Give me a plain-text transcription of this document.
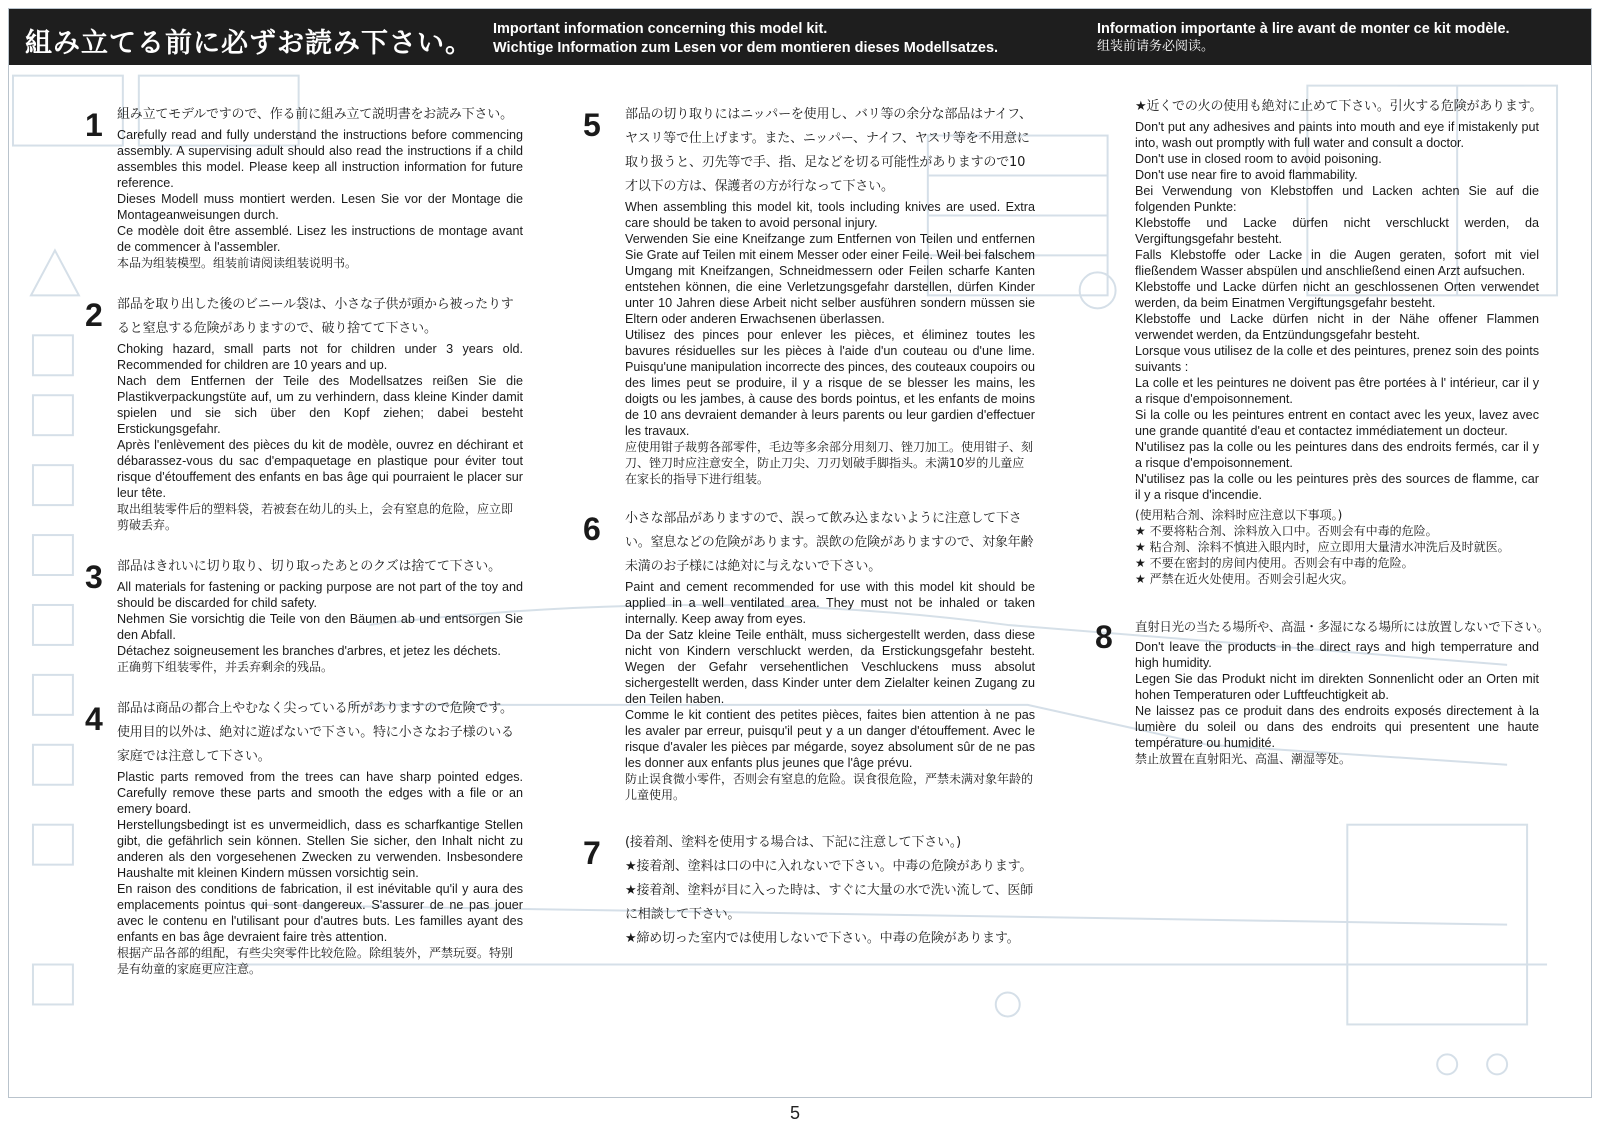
組み立てる前に必ずお読み下さい。 Important information concerning this model kit.
Wichtige Information zum Lesen vor dem montieren dieses Modellsatzes.
Information importante à lire avant de monter ce kit modèle.
组装前请务必阅读。
1 組み立てモデルですので、作る前に組み立て説明書をお読み下さい。

Carefully read and fully understand the instructions before commencing assembly. A supervising adult should also read the instructions if a child assembles this model. Please keep all instruction information for future reference.

Dieses Modell muss montiert werden. Lesen Sie vor der Montage die Montageanweisungen durch.

Ce modèle doit être assemblé. Lisez les instructions de montage avant de commencer à l'assembler.

本品为组装模型。组装前请阅读组装说明书。

2 部品を取り出した後のビニール袋は、小さな子供が頭から被ったりす
ると窒息する危険がありますので、破り捨てて下さい。

Choking hazard, small parts not for children under 3 years old. Recommended for children are 10 years and up.

Nach dem Entfernen der Teile des Modellsatzes reißen Sie die Plastikverpackungstüte auf, um zu verhindern, dass kleine Kinder damit spielen und sie sich über den Kopf ziehen; dabei besteht Erstickungsgefahr.

Après l'enlèvement des pièces du kit de modèle, ouvrez en déchirant et débarassez-vous du sac d'empaquetage en plastique pour éviter tout risque d'étouffement des enfants en bas âge qui pourraient le placer sur leur tête.

取出组装零件后的塑料袋，若被套在幼儿的头上，会有窒息的危险，应立即剪破丢弃。

3 部品はきれいに切り取り、切り取ったあとのクズは捨てて下さい。

All materials for fastening or packing purpose are not part of the toy and should be discarded for child safety.

Nehmen Sie vorsichtig die Teile von den Bäumen ab und entsorgen Sie den Abfall.

Détachez soigneusement les branches d'arbres, et jetez les déchets.

正确剪下组装零件，并丢弃剩余的残品。

4 部品は商品の都合上やむなく尖っている所がありますので危険です。
使用目的以外は、絶対に遊ばないで下さい。特に小さなお子様のいる
家庭では注意して下さい。

Plastic parts removed from the trees can have sharp pointed edges. Carefully remove these parts and smooth the edges with a file or an emery board.

Herstellungsbedingt ist es unvermeidlich, dass es scharfkantige Stellen gibt, die gefährlich sein können. Stellen Sie sicher, den Inhalt nicht zu anderen als den vorgesehenen Zwecken zu verwenden. Insbesondere Haushalte mit kleinen Kindern müssen vorsichtig sein.

En raison des conditions de fabrication, il est inévitable qu'il y aura des emplacements pointus qui sont dangereux. S'assurer de ne pas jouer avec le contenu en l'utilisant pour d'autres buts. Les familles ayant des enfants en bas âge devraient faire très attention.

根据产品各部的组配，有些尖突零件比较危险。除组装外，严禁玩耍。特别是有幼童的家庭更应注意。

5 部品の切り取りにはニッパーを使用し、バリ等の余分な部品はナイフ、
ヤスリ等で仕上げます。また、ニッパー、ナイフ、ヤスリ等を不用意に
取り扱うと、刃先等で手、指、足などを切る可能性がありますので10
才以下の方は、保護者の方が行なって下さい。

When assembling this model kit, tools including knives are used. Extra care should be taken to avoid personal injury.

Verwenden Sie eine Kneifzange zum Entfernen von Teilen und entfernen Sie Grate auf Teilen mit einem Messer oder einer Feile. Weil bei falschem Umgang mit Kneifzangen, Schneidmessern oder Feilen scharfe Kanten entstehen können, die eine Verletzungsgefahr darstellen, dürfen Kinder unter 10 Jahren diese Arbeit nicht selber ausführen sondern müssen sie Eltern oder anderen Erwachsenen überlassen.

Utilisez des pinces pour enlever les pièces, et éliminez toutes les bavures résiduelles sur les pièces à l'aide d'un couteau ou d'une lime. Puisqu'une manipulation incorrecte des pinces, des couteaux coupoirs ou des limes peut se produire, il y a risque de se blesser les mains, les doigts ou les jambes, à cause des bords pointus, et les enfants de moins de 10 ans devraient demander à leurs parents ou leur gardien d'effectuer les travaux.

应使用钳子裁剪各部零件，毛边等多余部分用刻刀、锉刀加工。使用钳子、刻刀、锉刀时应注意安全，防止刀尖、刀刃划破手脚指头。未满10岁的儿童应在家长的指导下进行组装。

6 小さな部品がありますので、誤って飲み込まないように注意して下さ
い。窒息などの危険があります。誤飲の危険がありますので、対象年齢
未満のお子様には絶対に与えないで下さい。

Paint and cement recommended for use with this model kit should be applied in a well ventilated area. They must not be inhaled or taken internally. Keep away from eyes.

Da der Satz kleine Teile enthält, muss sichergestellt werden, dass diese nicht von Kindern verschluckt werden, da Erstickungsgefahr besteht. Wegen der Gefahr versehentlichen Veschluckens muss absolut sichergestellt werden, dass Kinder unter dem Zielalter keinen Zugang zu den Teilen haben.

Comme le kit contient des petites pièces, faites bien attention à ne pas les avaler par erreur, puisqu'il peut y a un danger d'étouffement. Avec le risque d'avaler les pièces par mégarde, soyez absolument sûr de ne pas les donner aux enfants plus jeunes que l'âge prévu.

防止误食微小零件，否则会有窒息的危险。误食很危险，严禁未满对象年龄的儿童使用。

7 (接着剤、塗料を使用する場合は、下記に注意して下さい。)
★接着剤、塗料は口の中に入れないで下さい。中毒の危険があります。
★接着剤、塗料が目に入った時は、すぐに大量の水で洗い流して、医師
に相談して下さい。
★締め切った室内では使用しないで下さい。中毒の危険があります。
★近くでの火の使用も絶対に止めて下さい。引火する危険があります。

Don't put any adhesives and paints into mouth and eye if mistakenly put into, wash out promptly with full water and consult a doctor.

Don't use in closed room to avoid poisoning.

Don't use near fire to avoid flammability.

Bei Verwendung von Klebstoffen und Lacken achten Sie auf die folgenden Punkte:

Klebstoffe und Lacke dürfen nicht verschluckt werden, da Vergiftungsgefahr besteht.

Falls Klebstoffe oder Lacke in die Augen geraten, sofort mit viel fließendem Wasser abspülen und anschließend einen Arzt aufsuchen.

Klebstoffe und Lacke dürfen nicht an geschlossenen Orten verwendet werden, da beim Einatmen Vergiftungsgefahr besteht.

Klebstoffe und Lacke dürfen nicht in der Nähe offener Flammen verwendet werden, da Entzündungsgefahr besteht.

Lorsque vous utilisez de la colle et des peintures, prenez soin des points suivants :

La colle et les peintures ne doivent pas être portées à l' intérieur, car il y a risque d'empoisonnement.

Si la colle ou les peintures entrent en contact avec les yeux, lavez avec une grande quantité d'eau et contactez immédiatement un docteur.

N'utilisez pas la colle ou les peintures dans des endroits fermés, car il y a risque d'empoisonnement.

N'utilisez pas la colle ou les peintures près des sources de flamme, car il y a risque d'incendie.

(使用粘合剂、涂料时应注意以下事项。)

★ 不要将粘合剂、涂料放入口中。否则会有中毒的危险。

★ 粘合剂、涂料不慎进入眼内时，应立即用大量清水冲洗后及时就医。

★ 不要在密封的房间内使用。否则会有中毒的危险。

★ 严禁在近火处使用。否则会引起火灾。

8 直射日光の当たる場所や、高温・多湿になる場所には放置しないで下さい。

Don't leave the products in the direct rays and high temperrature and high humidity.

Legen Sie das Produkt nicht im direkten Sonnenlicht oder an Orten mit hohen Temperaturen oder Luftfeuchtigkeit ab.

Ne laissez pas ce produit dans des endroits exposés directement à la lumière du soleil ou dans des endroits qui presentent une haute température ou humidité.

禁止放置在直射阳光、高温、潮湿等处。

5
